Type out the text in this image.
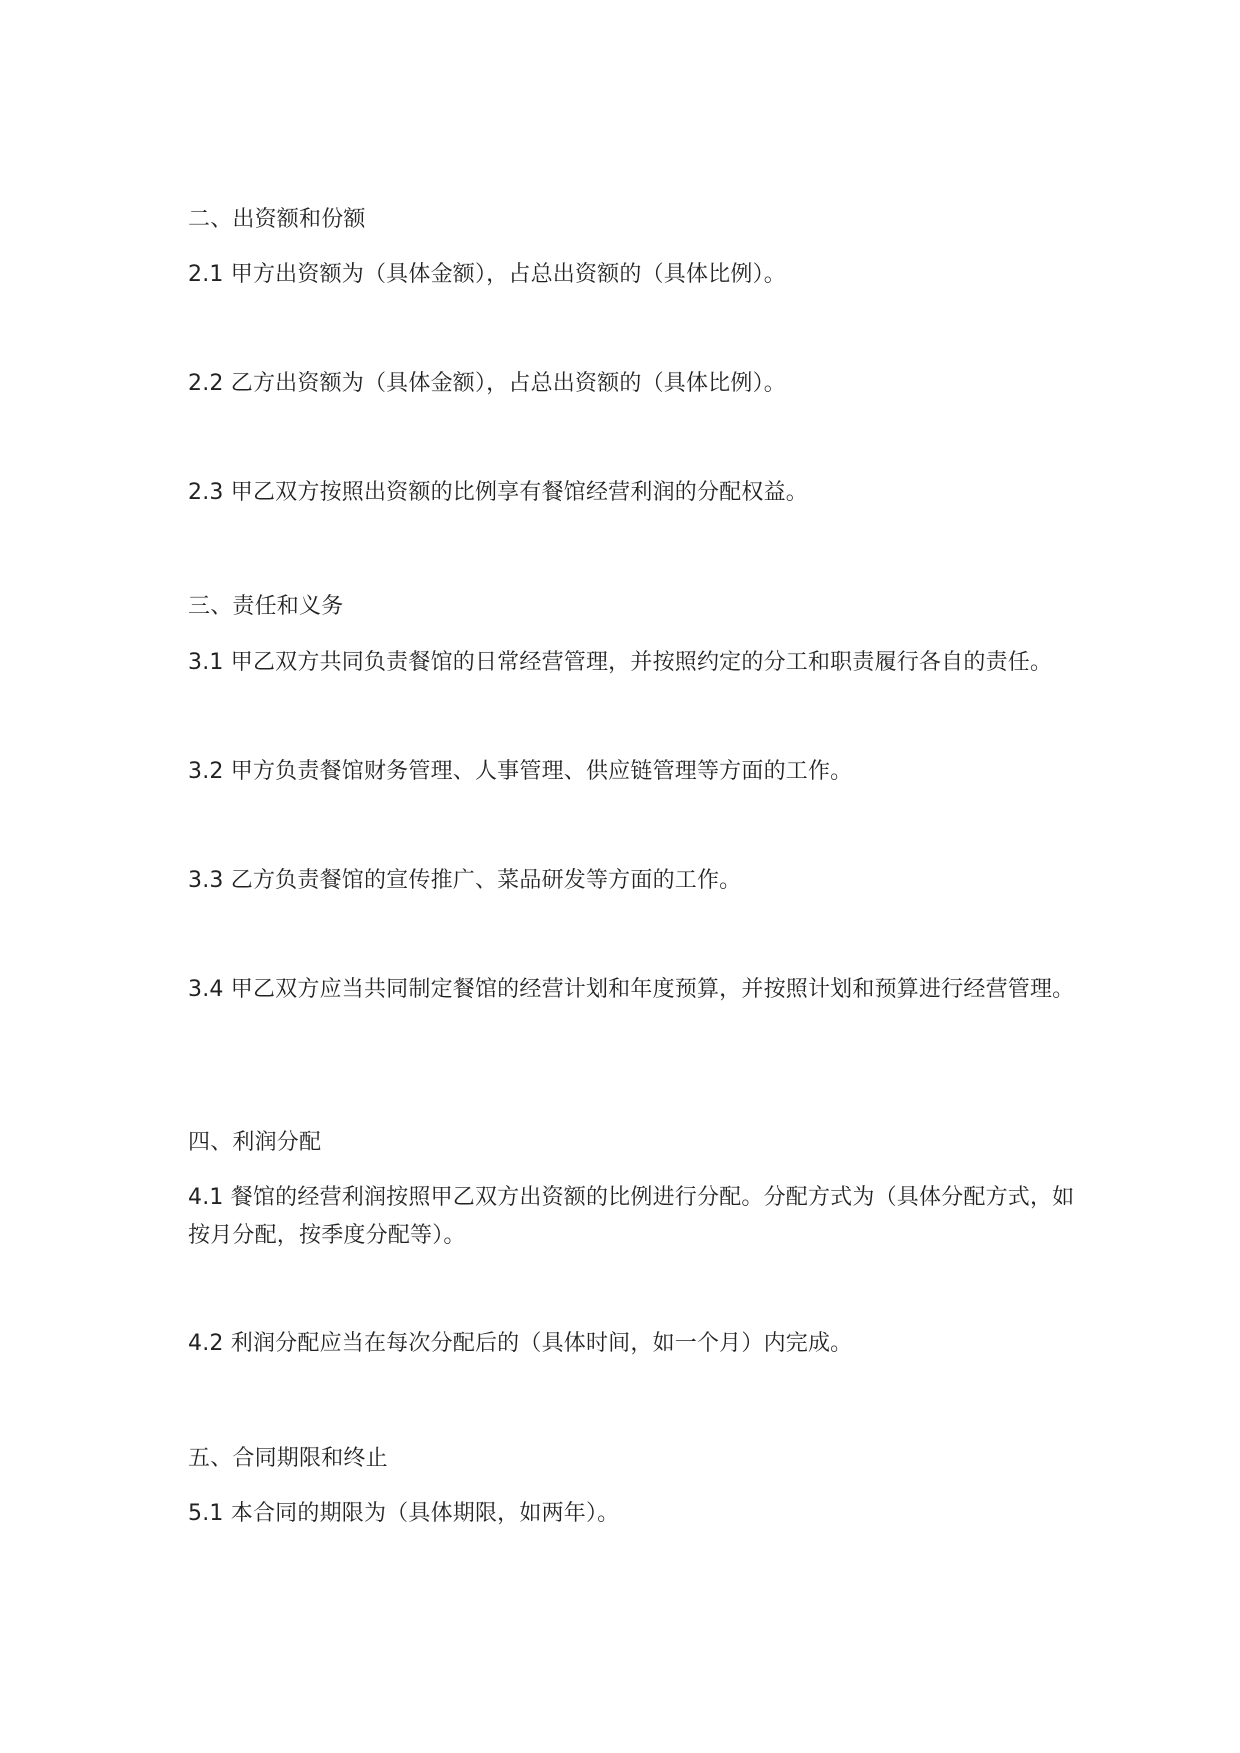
二、出资额和份额

2.1 甲方出资额为（具体金额），占总出资额的（具体比例）。

2.2 乙方出资额为（具体金额），占总出资额的（具体比例）。

2.3 甲乙双方按照出资额的比例享有餐馆经营利润的分配权益。

三、责任和义务

3.1 甲乙双方共同负责餐馆的日常经营管理，并按照约定的分工和职责履行各自的责任。

3.2 甲方负责餐馆财务管理、人事管理、供应链管理等方面的工作。

3.3 乙方负责餐馆的宣传推广、菜品研发等方面的工作。

3.4 甲乙双方应当共同制定餐馆的经营计划和年度预算，并按照计划和预算进行经营管理。

四、利润分配

4.1 餐馆的经营利润按照甲乙双方出资额的比例进行分配。分配方式为（具体分配方式，如按月分配，按季度分配等）。

4.2 利润分配应当在每次分配后的（具体时间，如一个月）内完成。

五、合同期限和终止

5.1 本合同的期限为（具体期限，如两年）。
